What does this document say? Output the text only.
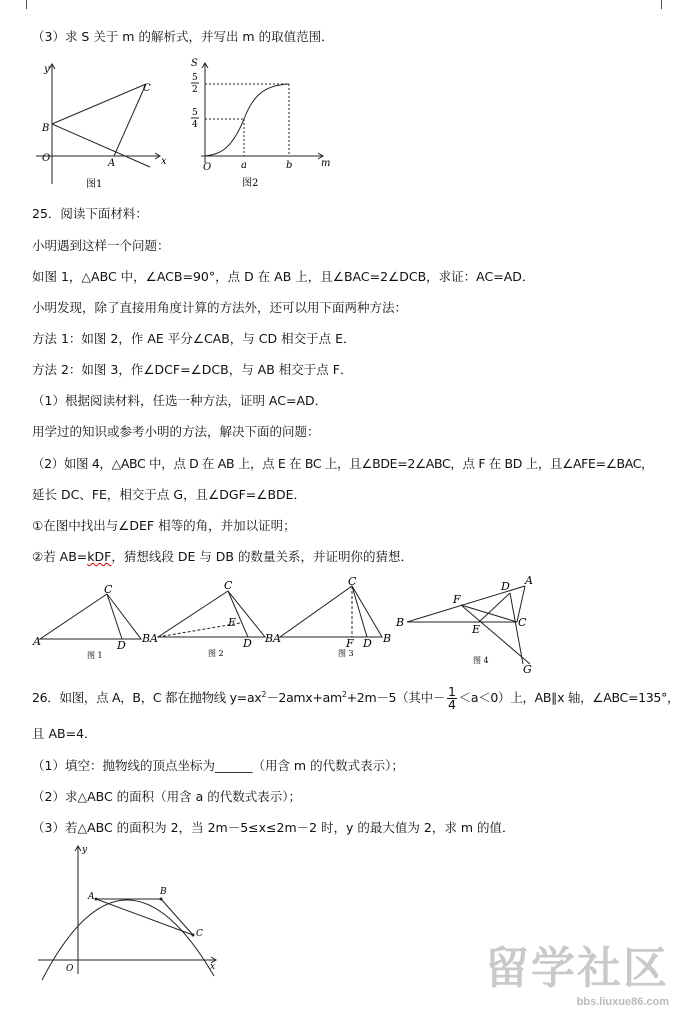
（3）求 S 关于 m 的解析式，并写出 m 的取值范围．
y
x
O
B
A
C
图1
S
m
O	a	b
5
2
5
4
图2
25．阅读下面材料：
小明遇到这样一个问题：
如图 1，△ABC 中，∠ACB=90°，点 D 在 AB 上，且∠BAC=2∠DCB，求证：AC=AD．
小明发现，除了直接用角度计算的方法外，还可以用下面两种方法：
方法 1：如图 2，作 AE 平分∠CAB，与 CD 相交于点 E．
方法 2：如图 3，作∠DCF=∠DCB，与 AB 相交于点 F．
（1）根据阅读材料，任选一种方法，证明 AC=AD．
用学过的知识或参考小明的方法，解决下面的问题：
（2）如图 4，△ABC 中，点 D 在 AB 上，点 E 在 BC 上，且∠BDE=2∠ABC，点 F 在 BD 上，且∠AFE=∠BAC，
延长 DC、FE，相交于点 G，且∠DGF=∠BDE．
①在图中找出与∠DEF 相等的角，并加以证明；
②若 AB=kDF，猜想线段 DE 与 DB 的数量关系，并证明你的猜想．
A	B
C
D
图 1
A	B
C
D
E
图 2
A	B
C
D
F
图 3
B
A
D
F
E
C
G
图 4
26．如图，点 A，B，C 都在抛物线 $y=ax^2-2amx+am^2+2m-5$（其中－ $\frac{1}{4} <a<0$）上，AB∥x 轴，∠ABC=135°，
且 AB=4．
（1）填空：抛物线的顶点坐标为______（用含 m 的代数式表示）；
（2）求△ABC 的面积（用含 a 的代数式表示）；
（3）若△ABC 的面积为 2，当 2m－5≤x≤2m－2 时，y 的最大值为 2，求 m 的值．
y
x
O
A	B
C
留学社区
bbs.liuxue86.com
